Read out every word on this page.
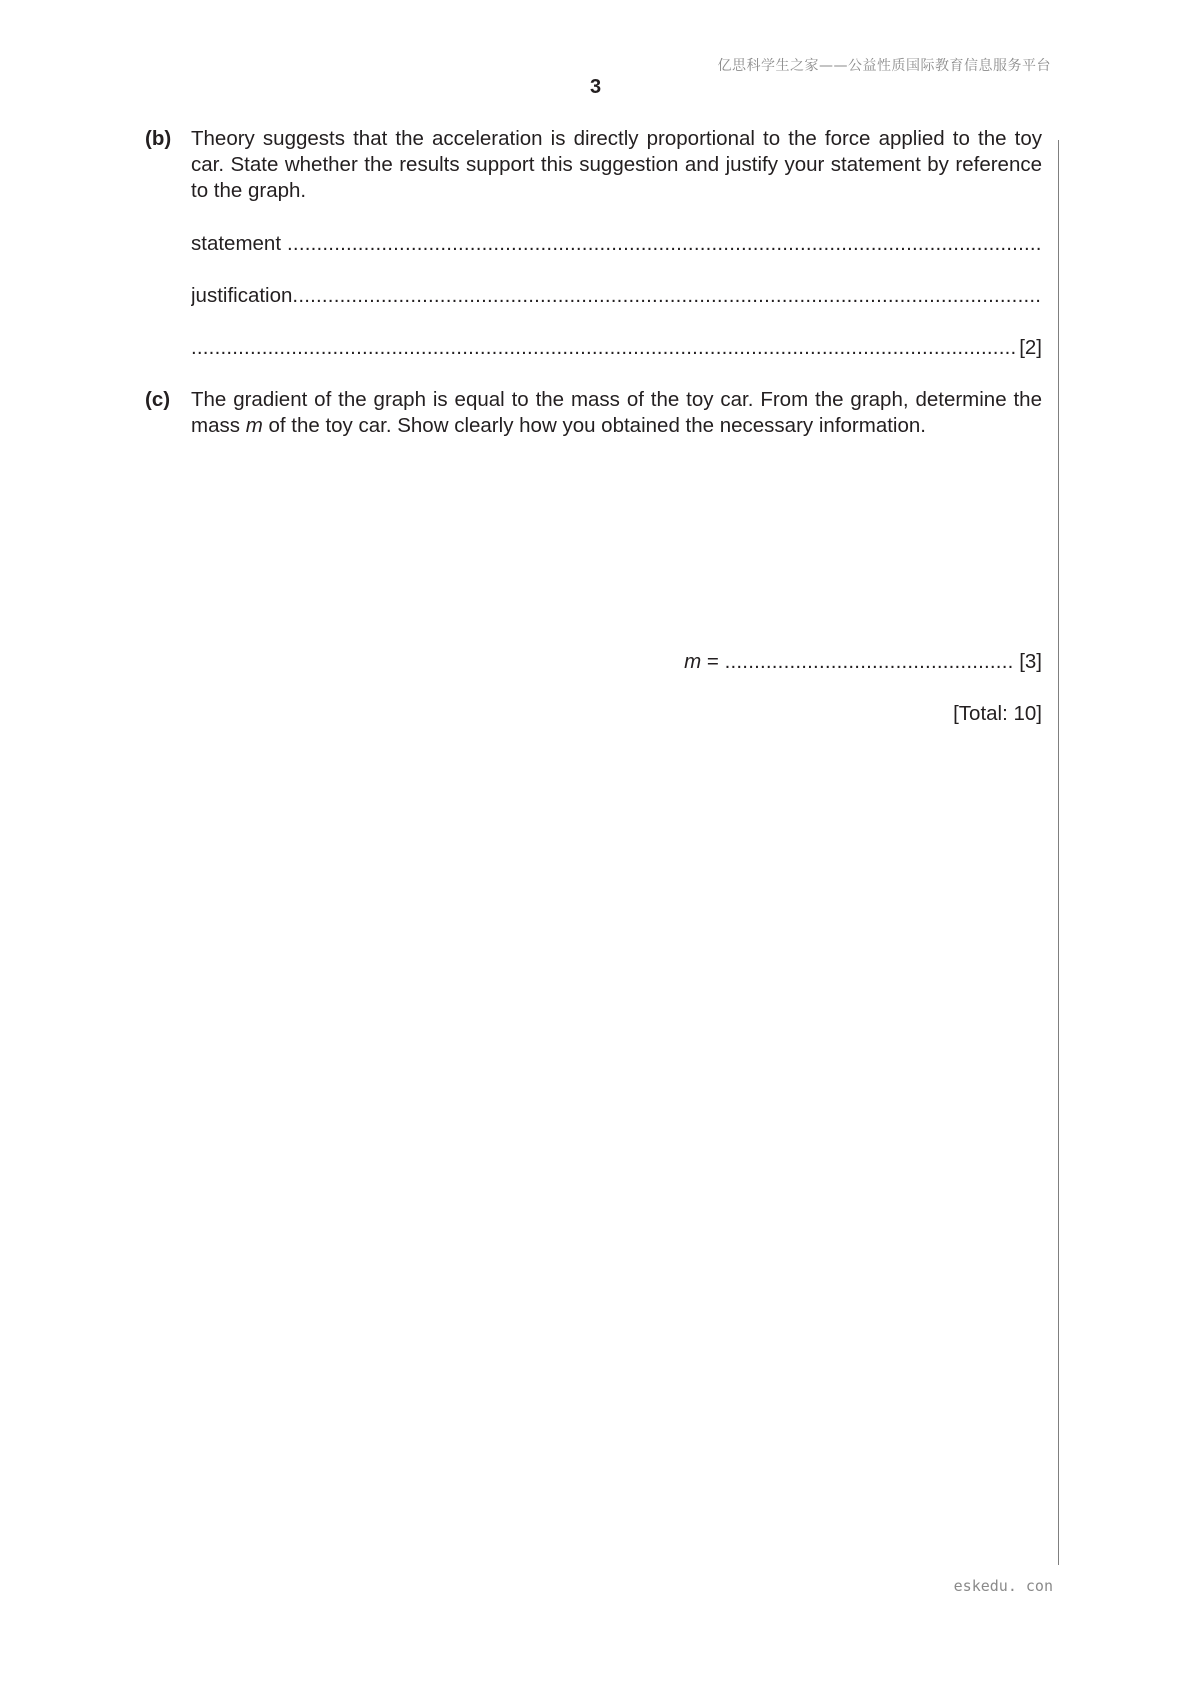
亿思科学生之家——公益性质国际教育信息服务平台
3
(b) Theory suggests that the acceleration is directly proportional to the force applied to the toy car. State whether the results support this suggestion and justify your statement by reference to the graph.
statement
.....
justification
.....
.....
[2]
(c) The gradient of the graph is equal to the mass of the toy car. From the graph, determine the mass m of the toy car. Show clearly how you obtained the necessary information.
m = ................................................. [3]
[Total: 10]
eskedu. con
